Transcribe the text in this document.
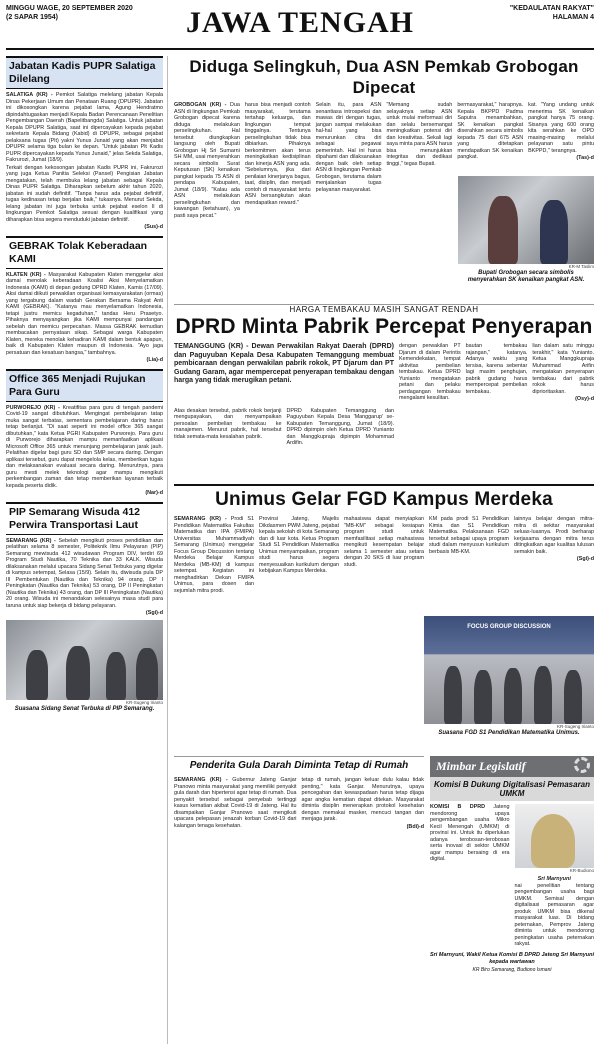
MINGGU WAGE, 20 SEPTEMBER 2020
(2 SAPAR 1954)	JAWA TENGAH	"KEDAULATAN RAKYAT"
HALAMAN 4
Jabatan Kadis PUPR Salatiga Dilelang

SALATIGA (KR) - Pemkot Salatiga melelang jabatan Kepala Dinas Pekerjaan Umum dan Penataan Ruang (DPUPR). Jabatan ini dikosongkan karena pejabat lama, Agung Hendratmo dipindahtugaskan menjadi Kepala Badan Perencanaan Penelitian Pengembangan Daerah (Bapelitbangda) Salatiga. Untuk jabatan Kepala DPUPR Salatiga, saat ini dipercayakan kepada pejabat sekretaris Kepala Bidang (Kabid) di DPUPR, sebagai pejabat pelaksana tugas (Plt) yakni Yunus Junaid yang akan menjabat DPUPR selama tiga bulan ke depan. "Untuk jabatan Plt Kadis PUPR dipercayakan kepada Yunus Junaid," jelas Sekda Salatiga, Fakrurozi, Jumat (18/9).

Terkait dengan kekosongan jabatan Kadis PUPR ini, Fakrurozi yang juga Ketua Panitia Seleksi (Pansel) Pengisian Jabatan mengatakan, telah membuka lelang jabatan sebagai Kepala Dinas PUPR Salatiga. Diharapkan sebelum akhir tahun 2020, jabatan ini sudah definitif. "Tanpa harus ada pejabat definitif, tugas kedinasan tetap berjalan baik," tukasnya. Menurut Sekda, lelang jabatan ini juga terbuka untuk pejabat eselon II di lingkungan Pemkot Salatiga sesuai dengan kualifikasi yang diharapkan bisa segera menduduki jabatan definitif.

(Sus)-d

GEBRAK Tolak Keberadaan KAMI

KLATEN (KR) - Masyarakat Kabupaten Klaten menggelar aksi damai menolak keberadaan Koalisi Aksi Menyelamatkan Indonesia (KAMI) di depan gedung DPRD Klaten, Kamis (17/09). Aksi damai diikuti perwakilan organisasi kemasyarakatan (ormas) yang tergabung dalam wadah Gerakan Bersama Rakyat Anti KAMI (GEBRAK). "Katanya mau menyelamatkan Indonesia, tetapi justru memicu kegaduhan," tandas Heru Prasetyo. Pihaknya menyayangkan jika KAMI mempunyai pandangan sebelah dan memicu perpecahan. Massa GEBRAK kemudian membacakan pernyataan sikap. Sebagai warga Kabupaten Klaten, mereka menolak kehadiran KAMI dalam bentuk apapun, baik di Kabupaten Klaten maupun di Indonesia. "Ayo jaga persatuan dan kesatuan bangsa," tambahnya.

(Lia)-d

Office 365 Menjadi Rujukan Para Guru

PURWOREJO (KR) - Kreatifitas para guru di tengah pandemi Covid-19 sangat dibutuhkan. Mengingat pembelajaran tatap muka sangat terbatas, sementara pembelajaran daring harus tetap berlanjut. "Di saat seperti ini model office 365 sangat dibutuhkan," kata Ketua PGRI Kabupaten Purworejo. Para guru di Purworejo diharapkan mampu memanfaatkan aplikasi Microsoft Office 365 untuk menunjang pembelajaran jarak jauh. Pelatihan digelar bagi guru SD dan SMP secara daring. Dengan aplikasi tersebut, guru dapat mengelola kelas, memberikan tugas dan melaksanakan evaluasi secara daring. Menurutnya, para guru mesti melek teknologi agar mampu mengikuti perkembangan zaman dan tetap memberikan layanan terbaik kepada peserta didik.

(Nar)-d

PIP Semarang Wisuda 412 Perwira Transportasi Laut

SEMARANG (KR) - Sebelah mengikuti proses pendidikan dan pelatihan selama 8 semester, Politeknik Ilmu Pelayaran (PIP) Semarang mewisuda 412 wisudawan Program DIV, terdiri 69 Program Studi Nautika, 70 Teknika dan 33 KALK. Wisuda dilaksanakan melalui upacara Sidang Senat Terbuka yang digelar di kampus setempat, Selasa (15/9). Selain itu, diwisuda pula DP III Pembentukan (Nautika dan Teknika) 94 orang, DP I Peningkatan (Nautika dan Teknika) 53 orang, DP II Peningkatan (Nautika dan Teknika) 43 orang, dan DP III Peningkatan (Nautika) 20 orang. Wisuda ini menandakan selesainya masa studi para taruna untuk siap bekerja di bidang pelayaran.

(Sgi)-d

KR-Sugeng Irianto
Suasana Sidang Senat Terbuka di PIP Semarang.
Diduga Selingkuh, Dua ASN Pemkab Grobogan Dipecat

GROBOGAN (KR) - Dua ASN di lingkungan Pemkab Grobogan dipecat karena diduga melakukan perselingkuhan. Hal tersebut diungkapkan langsung oleh Bupati Grobogan Hj Sri Sumarni SH MM, usai menyerahkan secara simbolis Surat Keputusan (SK) kenaikan pangkat kepada 75 ASN di pendapa Kabupaten, Jumat (18/9). "Kalau ada ASN melakukan perselingkuhan dan kawangan (ketahuan), ya pasti saya pecat."

harus bisa menjadi contoh masyarakat, terutama tertahap keluarga, dan lingkungan tempat tinggalnya. Tentunya perselingkuhan tidak bisa dibiarkan. Pihaknya berkomitmen akan terus meningkatkan kedisiplinan dan kinerja ASN yang ada. "Sebelumnya, jika dari penilaian kinerjanya bagus, taat, disiplin, dan menjadi contoh di masyarakat tentu ASN bersangkutan akan mendapatkan reward."

Selain itu, para ASN senantiasa introspeksi dan mawas diri dengan tugas, jangan sampai melakukan hal-hal yang bisa menurunkan citra diri sebagai pegawai pemerintah. Hal ini harus dipahami dan dilaksanakan dengan baik oleh setiap ASN di lingkungan Pemkab Grobogan, terutama dalam menjalankan tugas pelayanan masyarakat.

"Memang sudah selayaknya setiap ASN untuk mulai meformasi diri dan selalu bersemangat meningkatkan potensi diri dan kreativitas. Sekali lagi saya minta para ASN harus bisa menunjukkan integritas dan dedikasi tinggi," tegas Bupati.

bermasyarakat," harapnya. Kepala BKPPD Padma Saputra menambahkan, SK kenaikan pangkat diserahkan secara simbolis kepada 75 dari 675 ASN yang ditetapkan mendapatkan SK kenaikan pangkat.

kat. "Yang undang untuk menerima SK kenaikan pangkat hanya 75 orang. Sisanya yang 600 orang kita serahkan ke OPD masing-masing melalui pelayanan satu pintu BKPPD," terangnya.

(Tas)-d

KR-M Taslim
Bupati Grobogan secara simbolis menyerahkan SK kenaikan pangkat ASN.
HARGA TEMBAKAU MASIH SANGAT RENDAH
DPRD Minta Pabrik Percepat Penyerapan
TEMANGGUNG (KR) - Dewan Perwakilan Rakyat Daerah (DPRD) dan Paguyuban Kepala Desa Kabupaten Temanggung membuat pembicaraan dengan perwakilan pabrik rokok, PT Djarum dan PT Gudang Garam, agar mempercepat penyerapan tembakau dengan harga yang tidak merugikan petani.

dengan perwakilan PT Djarum di dalam Perintis Kemendekatan, tempat aktivitas pembelian tembakau. Ketua DPRD Yunianto mengatakan petani dan pelaku perdagangan tembakau mengalami kesulitan.

bautan tembakau rajangan," katanya. Adanya waktu yang tersisa, karena sebentar lagi masim penghujan, pabrik gudang harus mempercepat pembelian tembakau.

lian dalam satu minggu terakhir," kata Yunianto. Ketua Manggkupraja Muhammad Arifin mengatakan penyerapan tembakau dari pabrik rokok harus diprioritaskan.

(Osy)-d

Atas desakan tersebut, pabrik rokok berjanji mengupayakan, dan menyampaikan persoalan pembelian tembakau ke manajemen. Menurut pabrik, hal tersebut tidak semata-mata kesalahan pabrik.

DPRD Kabupaten Temanggung dan Paguyuban Kepala Desa 'Manggarup' se-Kabupaten Temanggung, Jumat (18/9). DPRD dipimpin oleh Ketua DPRD Yunianto dan Manggkupraja dipimpin Mohammad Ardifin.

Unimus Gelar FGD Kampus Merdeka

SEMARANG (KR) - Prodi S1 Pendidikan Matematika Fakultas Matematika dan IPA (FMIPA) Universitas Muhammadiyah Semarang (Unimus) menggelar Focus Group Discussion tentang Merdeka Belajar Kampus Merdeka (MB-KM) di kampus setempat. Kegiatan ini menghadirkan Dekan FMIPA Unimus, para dosen dan sejumlah mitra prodi.

Provinsi Jateng, Majelis Dikdasmen PWM Jateng, pejabat kepala sekolah di kota Semarang dan di luar kota. Ketua Program Studi S1 Pendidikan Matematika Unimus menyampaikan, program studi harus segera menyesuaikan kurikulum dengan kebijakan Kampus Merdeka.

mahasiswa dapat menyiapkan "MB-KM" sebagai kesiapan program studi untuk memfasilitasi setiap mahasiswa mengikuti kesempatan belajar selama 1 semester atau setara dengan 20 SKS di luar program studi.

KM pada prodi S1 Pendidikan Kimia dan S1 Pendidikan Matematika. Pelaksanaan FGD tersebut sebagai upaya program studi dalam menyusun kurikulum berbasis MB-KM.

lainnya belajar dengan mitra-mitra di sekitar masyarakat seluas-luasnya. Prodi berharap kerjasama dengan mitra terus ditingkatkan agar kualitas lulusan semakin baik.

(Sgi)-d

FOCUS GROUP DISCUSSION
KR-Sugeng Irianto
Suasana FGD S1 Pendidikan Matematika Unimus.
Penderita Gula Darah Diminta Tetap di Rumah

SEMARANG (KR) - Gubernur Jateng Ganjar Pranowo minta masyarakat yang memiliki penyakit gula darah dan hipertensi agar tetap di rumah. Dua penyakit tersebut sebagai penyebab tertinggi kasus kematian akibat Covid-19 di Jateng. Hal itu disampaikan Ganjar Pranowo saat mengikuti upacara pelepasan jenazah korban Covid-19 dari kalangan tenaga kesehatan.

tetap di rumah, jangan keluar dulu kalau tidak penting," kata Ganjar. Menurutnya, upaya pencegahan dan kewaspadaan harus tetap dijaga agar angka kematian dapat ditekan. Masyarakat diminta disiplin menerapkan protokol kesehatan dengan memakai masker, mencuci tangan dan menjaga jarak.

(Bdi)-d

Mimbar Legislatif
Komisi B Dukung Digitalisasi Pemasaran UMKM

KOMISI B DPRD Jateng mendorong upaya pengembangan usaha Mikro Kecil Menengah (UMKM) di provinsi ini. Untuk itu diperlukan adanya terobosan-terobosan serta inovasi di sektor UMKM agar mampu bersaing di era digital.

KR-Budiono
Sri Marnyuni

nai penelitian tentang pengembangan usaha bagi UMKM. Semisal dengan digitalisasi pemasaran agar produk UMKM bisa dikenal masyarakat luas. Di bidang peternakan, Pemprov Jateng diminta untuk mendorong peningkatan usaha peternakan rakyat.

Sri Marnyuni, Wakil Ketua Komisi B DPRD Jateng Sri Marnyuni kepada wartawan
KR Biro Semarang, Budiono Ismani
